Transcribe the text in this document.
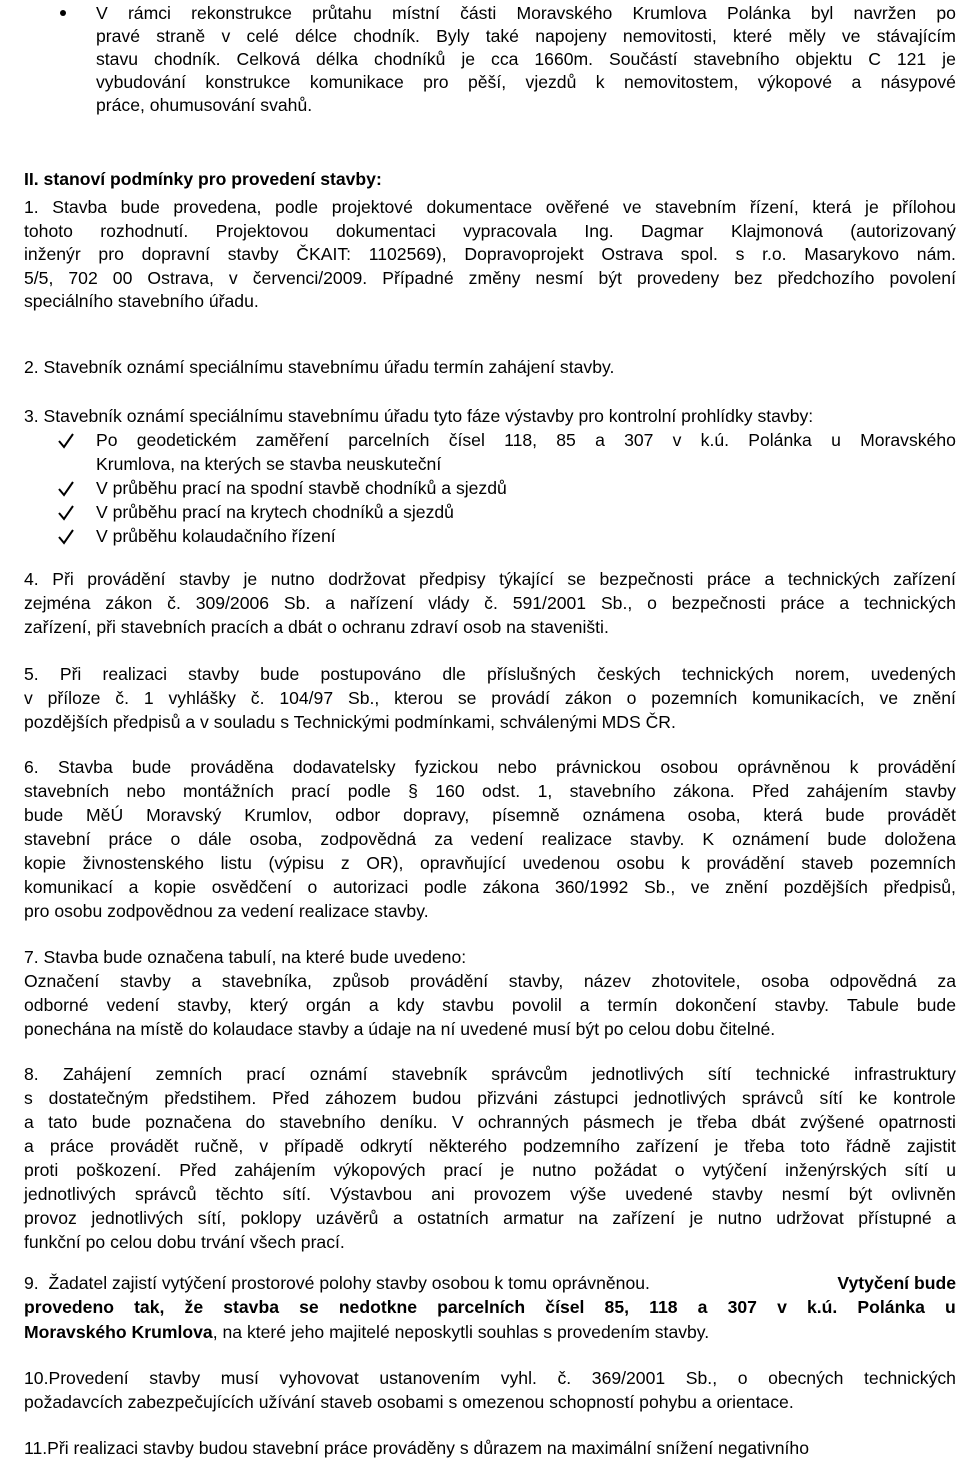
V rámci rekonstrukce průtahu místní části Moravského Krumlova Polánka byl navržen po
pravé straně v celé délce chodník. Byly také napojeny nemovitosti, které měly ve stávajícím
stavu chodník. Celková délka chodníků je cca 1660m. Součástí stavebního objektu C 121 je
vybudování konstrukce komunikace pro pěší, vjezdů k nemovitostem, výkopové a násypové
práce, ohumusování svahů.
II. stanoví podmínky pro provedení stavby:
1. Stavba bude provedena, podle projektové dokumentace ověřené ve stavebním řízení, která je přílohou
tohoto rozhodnutí. Projektovou dokumentaci vypracovala Ing. Dagmar Klajmonová (autorizovaný
inženýr pro dopravní stavby ČKAIT: 1102569), Dopravoprojekt Ostrava spol. s r.o. Masarykovo nám.
5/5, 702 00 Ostrava, v červenci/2009. Případné změny nesmí být provedeny bez předchozího povolení
speciálního stavebního úřadu.
2. Stavebník oznámí speciálnímu stavebnímu úřadu termín zahájení stavby.
3. Stavebník oznámí speciálnímu stavebnímu úřadu tyto fáze výstavby pro kontrolní prohlídky stavby:
Po geodetickém zaměření parcelních čísel 118, 85 a 307 v k.ú. Polánka u Moravského
Krumlova, na kterých se stavba neuskuteční
V průběhu prací na spodní stavbě chodníků a sjezdů
V průběhu prací na krytech chodníků a sjezdů
V průběhu kolaudačního řízení
4. Při provádění stavby je nutno dodržovat předpisy týkající se bezpečnosti práce a technických zařízení
zejména zákon č. 309/2006 Sb. a nařízení vlády č. 591/2001 Sb., o bezpečnosti práce a technických
zařízení, při stavebních pracích a dbát o ochranu zdraví osob na staveništi.
5. Při realizaci stavby bude postupováno dle příslušných českých technických norem, uvedených
v příloze č. 1 vyhlášky č. 104/97 Sb., kterou se provádí zákon o pozemních komunikacích, ve znění
pozdějších předpisů a v souladu s Technickými podmínkami, schválenými MDS ČR.
6. Stavba bude prováděna dodavatelsky fyzickou nebo právnickou osobou oprávněnou k provádění
stavebních nebo montážních prací podle § 160 odst. 1, stavebního zákona. Před zahájením stavby
bude MěÚ Moravský Krumlov, odbor dopravy, písemně oznámena osoba, která bude provádět
stavební práce o dále osoba, zodpovědná za vedení realizace stavby. K oznámení bude doložena
kopie živnostenského listu (výpisu z OR), opravňující uvedenou osobu k provádění staveb pozemních
komunikací a kopie osvědčení o autorizaci podle zákona 360/1992 Sb., ve znění pozdějších předpisů,
pro osobu zodpovědnou za vedení realizace stavby.
7. Stavba bude označena tabulí, na které bude uvedeno:
Označení stavby a stavebníka, způsob provádění stavby, název zhotovitele, osoba odpovědná za
odborné vedení stavby, který orgán a kdy stavbu povolil a termín dokončení stavby. Tabule bude
ponechána na místě do kolaudace stavby a údaje na ní uvedené musí být po celou dobu čitelné.
8. Zahájení zemních prací oznámí stavebník správcům jednotlivých sítí technické infrastruktury
s dostatečným předstihem. Před záhozem budou přizváni zástupci jednotlivých správců sítí ke kontrole
a tato bude poznačena do stavebního deníku. V ochranných pásmech je třeba dbát zvýšené opatrnosti
a práce provádět ručně, v případě odkrytí některého podzemního zařízení je třeba toto řádně zajistit
proti poškození. Před zahájením výkopových prací je nutno požádat o vytýčení inženýrských sítí u
jednotlivých správců těchto sítí. Výstavbou ani provozem výše uvedené stavby nesmí být ovlivněn
provoz jednotlivých sítí, poklopy uzávěrů a ostatních armatur na zařízení je nutno udržovat přístupné a
funkční po celou dobu trvání všech prací.
9.  Žadatel zajistí vytýčení prostorové polohy stavby osobou k tomu oprávněnou.	Vytyčení bude
provedeno tak, že stavba se nedotkne parcelních čísel 85, 118 a 307 v k.ú. Polánka u
Moravského Krumlova, na které jeho majitelé neposkytli souhlas s provedením stavby.
10.Provedení stavby musí vyhovovat ustanovením vyhl. č. 369/2001 Sb., o obecných technických
požadavcích zabezpečujících užívání staveb osobami s omezenou schopností pohybu a orientace.
11.Při realizaci stavby budou stavební práce prováděny s důrazem na maximální snížení negativního
